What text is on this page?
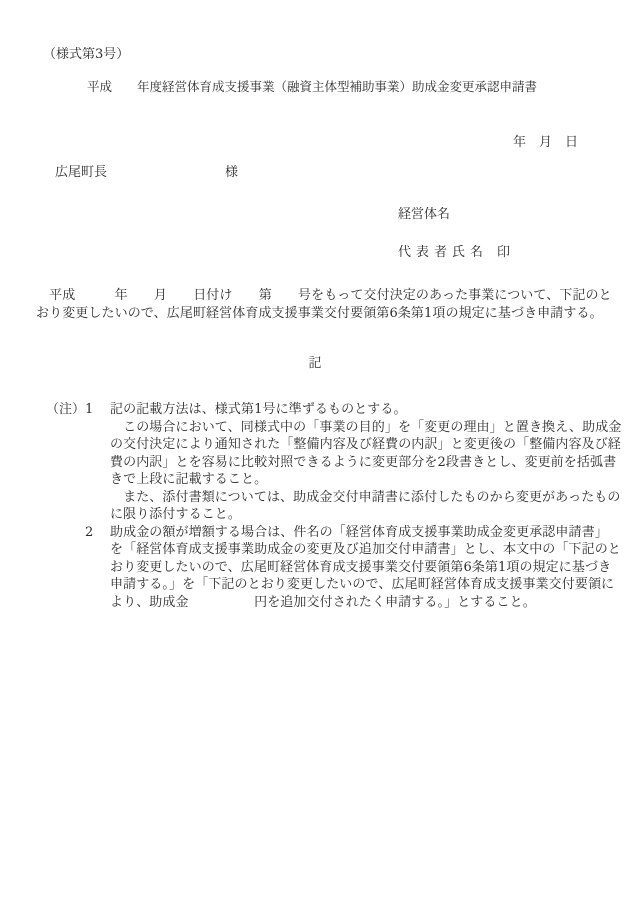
（様式第3号）
平成　　年度経営体育成支援事業（融資主体型補助事業）助成金変更承認申請書
年　月　日
広尾町長	様
経営体名
代表者氏名 印
　平成　　　年　　月　　日付け　　第　　号をもって交付決定のあった事業について、下記のと
おり変更したいので、広尾町経営体育成支援事業交付要領第6条第1項の規定に基づき申請する。
記
（注） 1
2
記の記載方法は、様式第1号に準ずるものとする。
　この場合において、同様式中の「事業の目的」を「変更の理由」と置き換え、助成金
の交付決定により通知された「整備内容及び経費の内訳」と変更後の「整備内容及び経
費の内訳」とを容易に比較対照できるように変更部分を2段書きとし、変更前を括弧書
きで上段に記載すること。
　また、添付書類については、助成金交付申請書に添付したものから変更があったもの
に限り添付すること。
助成金の額が増額する場合は、件名の「経営体育成支援事業助成金変更承認申請書」
を「経営体育成支援事業助成金の変更及び追加交付申請書」とし、本文中の「下記のと
おり変更したいので、広尾町経営体育成支援事業交付要領第6条第1項の規定に基づき
申請する。」を「下記のとおり変更したいので、広尾町経営体育成支援事業交付要領に
より、助成金　　　　　円を追加交付されたく申請する。」とすること。
